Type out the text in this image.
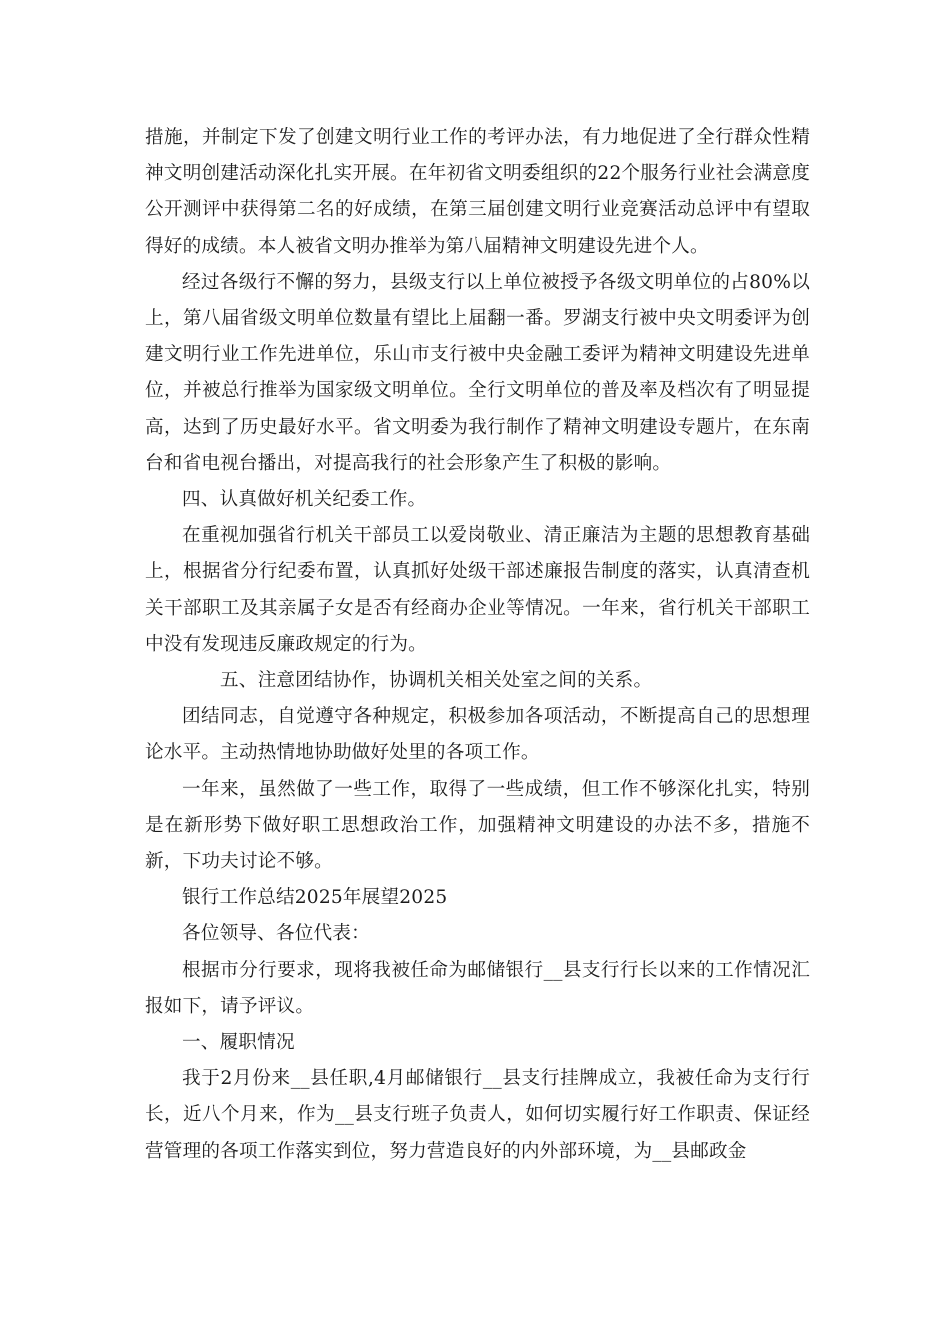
措施，并制定下发了创建文明行业工作的考评办法，有力地促进了全行群众性精神文明创建活动深化扎实开展。在年初省文明委组织的22个服务行业社会满意度公开测评中获得第二名的好成绩，在第三届创建文明行业竞赛活动总评中有望取得好的成绩。本人被省文明办推举为第八届精神文明建设先进个人。

经过各级行不懈的努力，县级支行以上单位被授予各级文明单位的占80%以上，第八届省级文明单位数量有望比上届翻一番。罗湖支行被中央文明委评为创建文明行业工作先进单位，乐山市支行被中央金融工委评为精神文明建设先进单位，并被总行推举为国家级文明单位。全行文明单位的普及率及档次有了明显提高，达到了历史最好水平。省文明委为我行制作了精神文明建设专题片，在东南台和省电视台播出，对提高我行的社会形象产生了积极的影响。

四、认真做好机关纪委工作。

在重视加强省行机关干部员工以爱岗敬业、清正廉洁为主题的思想教育基础上，根据省分行纪委布置，认真抓好处级干部述廉报告制度的落实，认真清查机关干部职工及其亲属子女是否有经商办企业等情况。一年来，省行机关干部职工中没有发现违反廉政规定的行为。

五、注意团结协作，协调机关相关处室之间的关系。

团结同志，自觉遵守各种规定，积极参加各项活动，不断提高自己的思想理论水平。主动热情地协助做好处里的各项工作。

一年来，虽然做了一些工作，取得了一些成绩，但工作不够深化扎实，特别是在新形势下做好职工思想政治工作，加强精神文明建设的办法不多，措施不新，下功夫讨论不够。

银行工作总结2025年展望2025

各位领导、各位代表：

根据市分行要求，现将我被任命为邮储银行__县支行行长以来的工作情况汇报如下，请予评议。

一、履职情况

我于2月份来__县任职,4月邮储银行__县支行挂牌成立，我被任命为支行行长，近八个月来，作为__县支行班子负责人，如何切实履行好工作职责、保证经营管理的各项工作落实到位，努力营造良好的内外部环境，为__县邮政金
